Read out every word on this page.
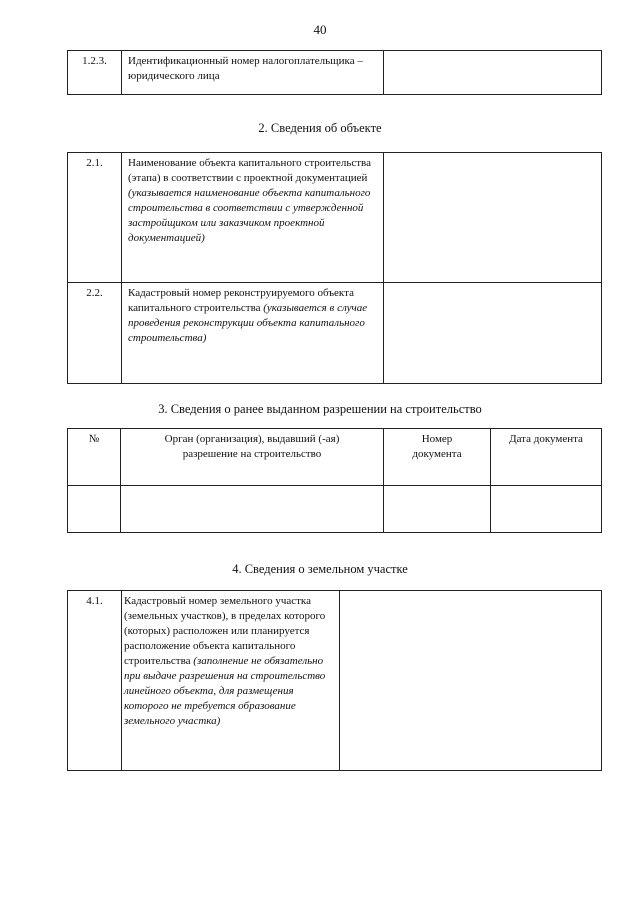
40
1.2.3.	Идентификационный номер налогоплательщика – юридического лица	
2. Сведения об объекте
2.1.	Наименование объекта капитального строительства (этапа) в соответствии с проектной документацией (указывается наименование объекта капитального строительства в соответствии с утвержденной застройщиком или заказчиком проектной документацией)	
2.2.	Кадастровый номер реконструируемого объекта капитального строительства (указывается в случае проведения реконструкции объекта капитального строительства)	
3. Сведения о ранее выданном разрешении на строительство
№	Орган (организация), выдавший (-ая) разрешение на строительство	Номер документа	Дата документа

4. Сведения о земельном участке
4.1.	Кадастровый номер земельного участка (земельных участков), в пределах которого (которых) расположен или планируется расположение объекта капитального строительства (заполнение не обязательно при выдаче разрешения на строительство линейного объекта, для размещения которого не требуется образование земельного участка)	
